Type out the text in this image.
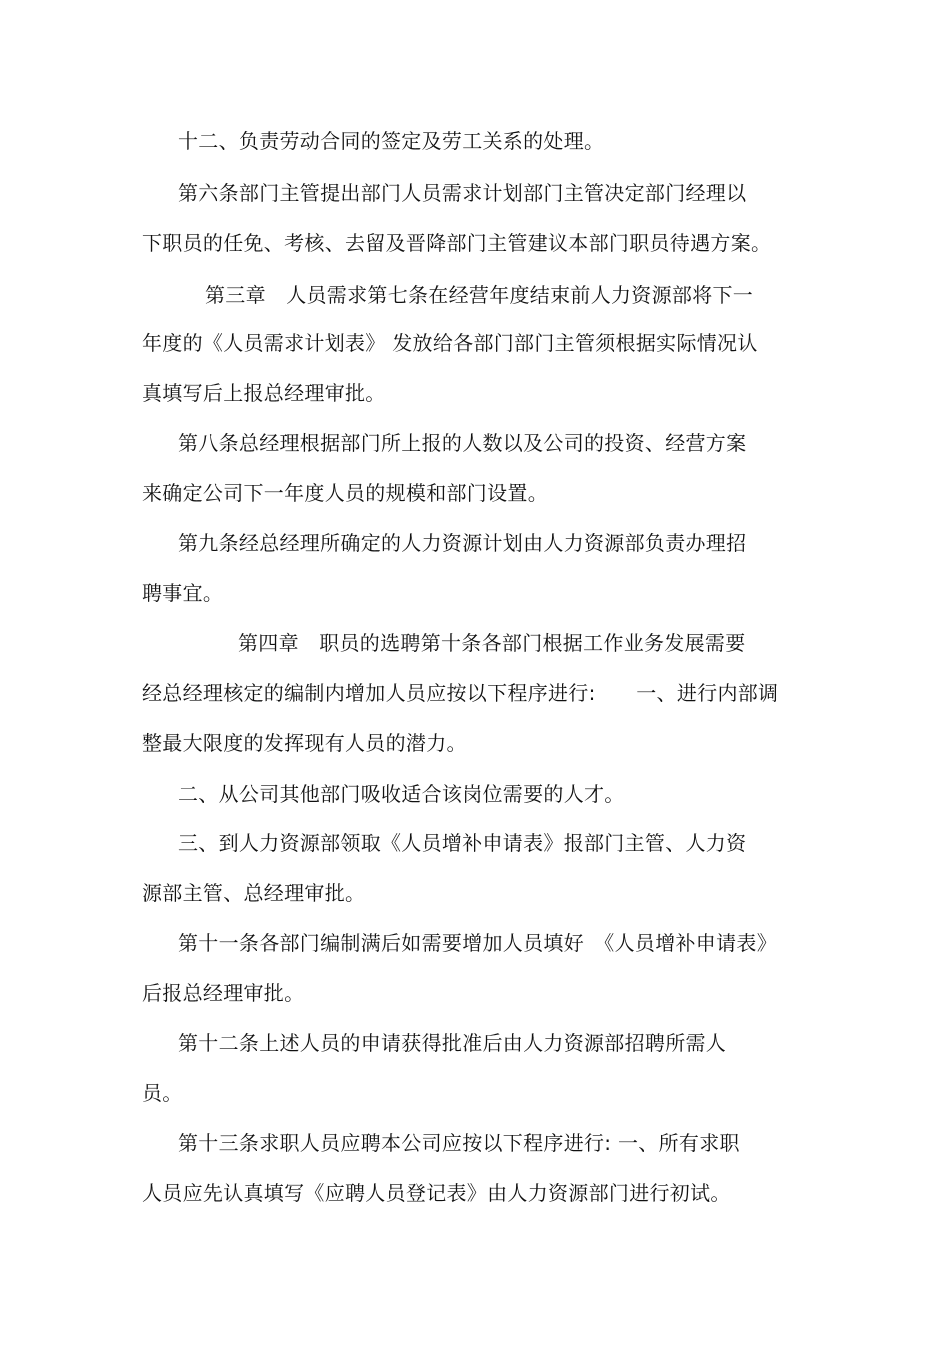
十二、负责劳动合同的签定及劳工关系的处理。
第六条部门主管提出部门人员需求计划部门主管决定部门经理以
下职员的任免、考核、去留及晋降部门主管建议本部门职员待遇方案。
第三章　人员需求第七条在经营年度结束前人力资源部将下一
年度的《人员需求计划表》 发放给各部门部门主管须根据实际情况认
真填写后上报总经理审批。
第八条总经理根据部门所上报的人数以及公司的投资、经营方案
来确定公司下一年度人员的规模和部门设置。
第九条经总经理所确定的人力资源计划由人力资源部负责办理招
聘事宜。
第四章　职员的选聘第十条各部门根据工作业务发展需要
经总经理核定的编制内增加人员应按以下程序进行:　　一、进行内部调
整最大限度的发挥现有人员的潜力。
二、从公司其他部门吸收适合该岗位需要的人才。
三、到人力资源部领取《人员增补申请表》报部门主管、人力资
源部主管、总经理审批。
第十一条各部门编制满后如需要增加人员填好　《人员增补申请表》
后报总经理审批。
第十二条上述人员的申请获得批准后由人力资源部招聘所需人
员。
第十三条求职人员应聘本公司应按以下程序进行: 一、所有求职
人员应先认真填写《应聘人员登记表》由人力资源部门进行初试。
